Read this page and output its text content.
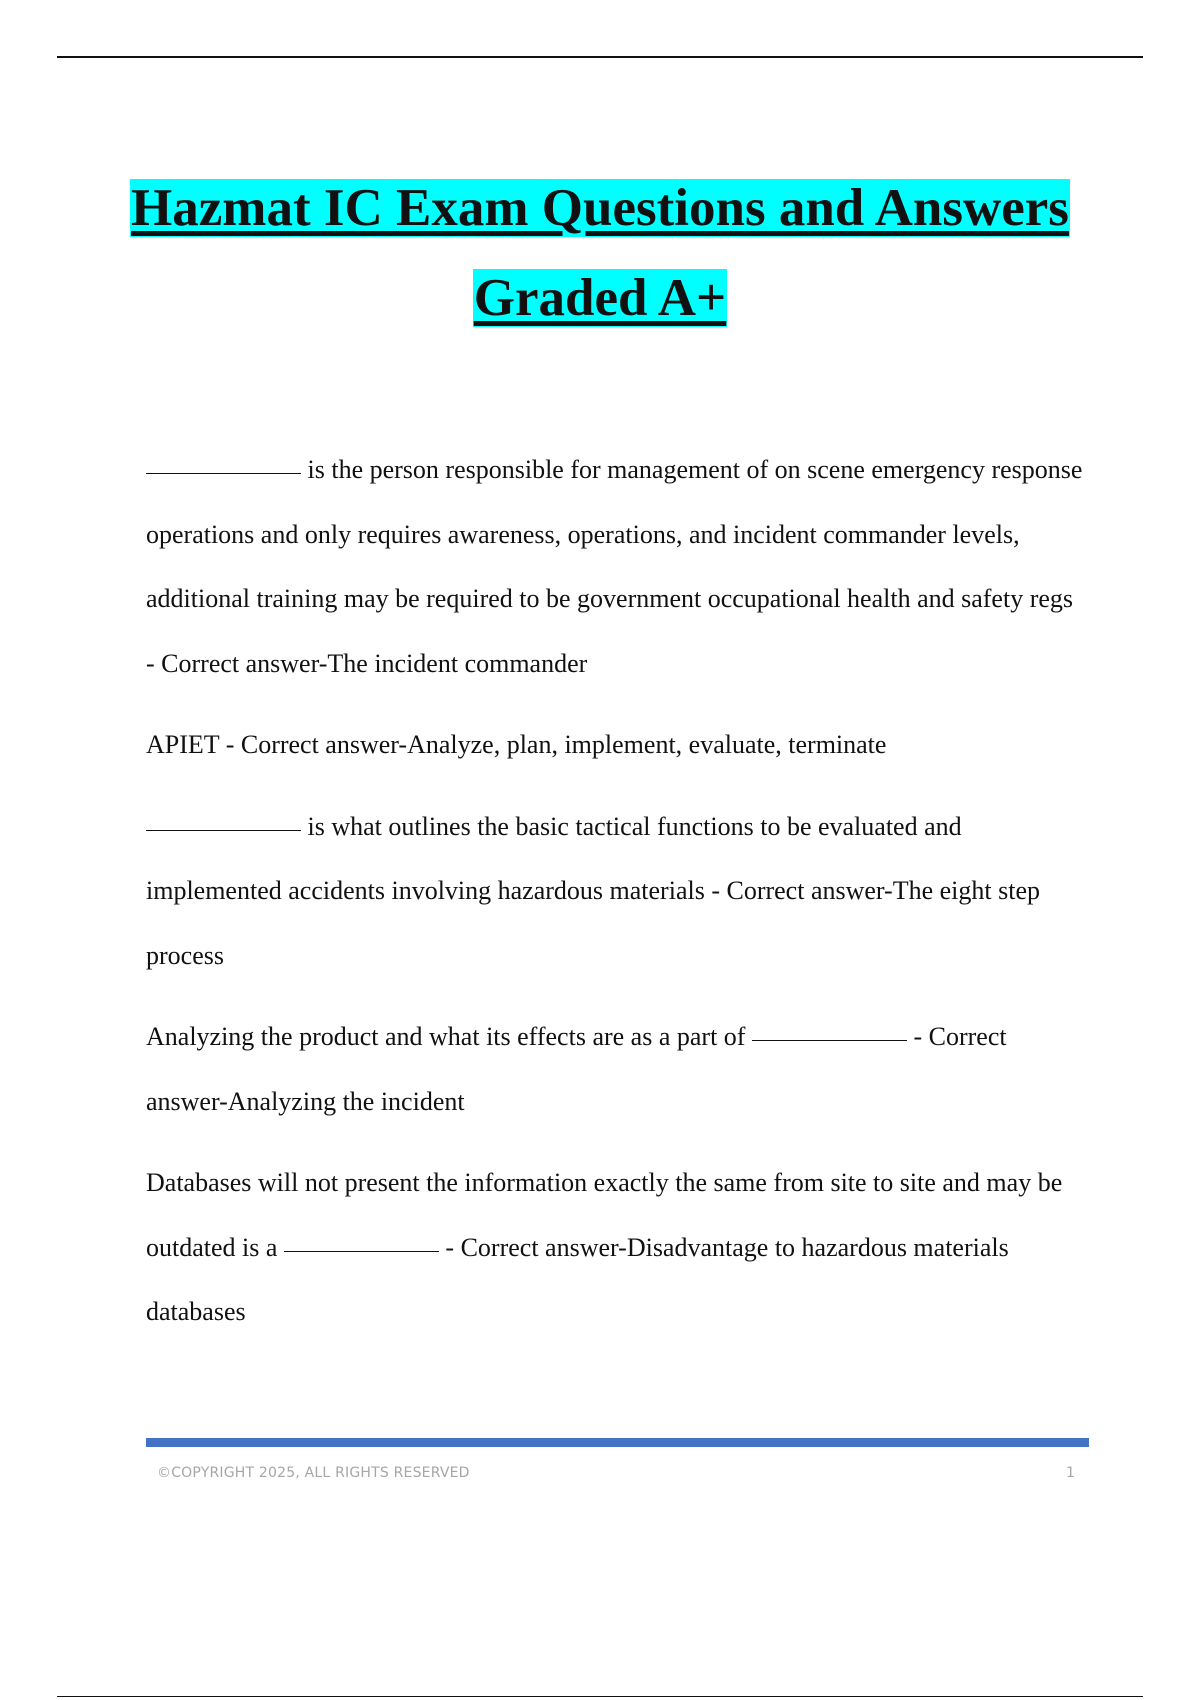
Hazmat IC Exam Questions and Answers
Graded A+

is the person responsible for management of on scene emergency response operations and only requires awareness, operations, and incident commander levels, additional training may be required to be government occupational health and safety regs - Correct answer-The incident commander

APIET - Correct answer-Analyze, plan, implement, evaluate, terminate

is what outlines the basic tactical functions to be evaluated and implemented accidents involving hazardous materials - Correct answer-The eight step process

Analyzing the product and what its effects are as a part of	- Correct answer-Analyzing the incident

Databases will not present the information exactly the same from site to site and may be outdated is a	- Correct answer-Disadvantage to hazardous materials databases

©COPYRIGHT 2025, ALL RIGHTS RESERVED	1
